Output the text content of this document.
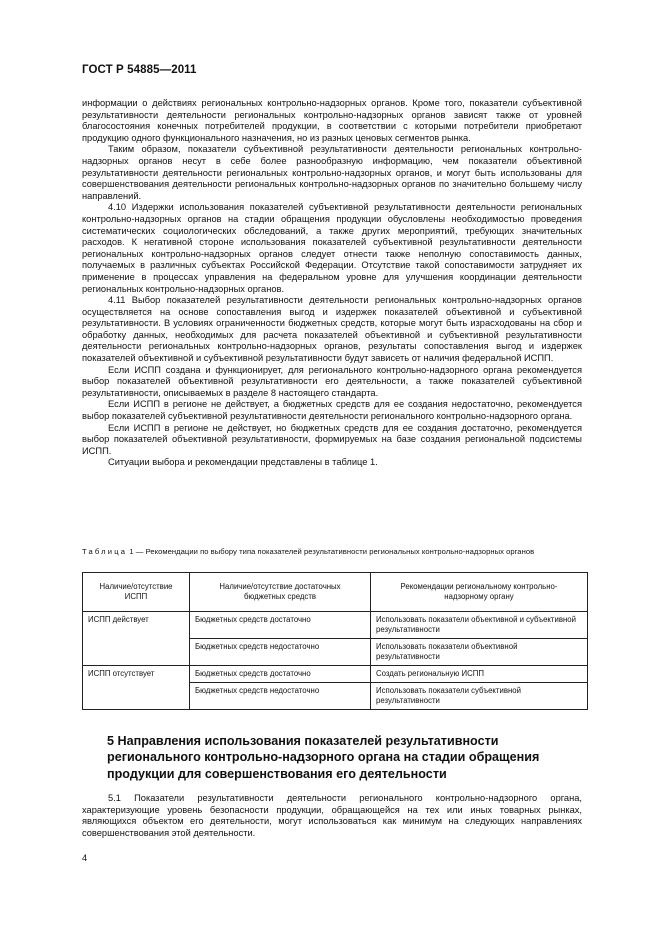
ГОСТ Р 54885—2011

информации о действиях региональных контрольно-надзорных органов. Кроме того, показатели субъективной результативности деятельности региональных контрольно-надзорных органов зависят также от уровней благосостояния конечных потребителей продукции, в соответствии с которыми потребители приобретают продукцию одного функционального назначения, но из разных ценовых сегментов рынка.

Таким образом, показатели субъективной результативности деятельности региональных контрольно-надзорных органов несут в себе более разнообразную информацию, чем показатели объективной результативности деятельности региональных контрольно-надзорных органов, и могут быть использованы для совершенствования деятельности региональных контрольно-надзорных органов по значительно большему числу направлений.

4.10 Издержки использования показателей субъективной результативности деятельности региональных контрольно-надзорных органов на стадии обращения продукции обусловлены необходимостью проведения систематических социологических обследований, а также других мероприятий, требующих значительных расходов. К негативной стороне использования показателей субъективной результативности деятельности региональных контрольно-надзорных органов следует отнести также неполную сопоставимость данных, получаемых в различных субъектах Российской Федерации. Отсутствие такой сопоставимости затрудняет их применение в процессах управления на федеральном уровне для улучшения координации деятельности региональных контрольно-надзорных органов.

4.11 Выбор показателей результативности деятельности региональных контрольно-надзорных органов осуществляется на основе сопоставления выгод и издержек показателей объективной и субъективной результативности. В условиях ограниченности бюджетных средств, которые могут быть израсходованы на сбор и обработку данных, необходимых для расчета показателей объективной и субъективной результативности деятельности региональных контрольно-надзорных органов, результаты сопоставления выгод и издержек показателей объективной и субъективной результативности будут зависеть от наличия федеральной ИСПП.

Если ИСПП создана и функционирует, для регионального контрольно-надзорного органа рекомендуется выбор показателей объективной результативности его деятельности, а также показателей субъективной результативности, описываемых в разделе 8 настоящего стандарта.

Если ИСПП в регионе не действует, а бюджетных средств для ее создания недостаточно, рекомендуется выбор показателей субъективной результативности деятельности регионального контрольно-надзорного органа.

Если ИСПП в регионе не действует, но бюджетных средств для ее создания достаточно, рекомендуется выбор показателей объективной результативности, формируемых на базе создания региональной подсистемы ИСПП.

Ситуации выбора и рекомендации представлены в таблице 1.

Таблица 1 — Рекомендации по выбору типа показателей результативности региональных контрольно-надзорных органов
Наличие/отсутствие ИСПП	Наличие/отсутствие достаточных бюджетных средств	Рекомендации региональному контрольно-надзорному органу
ИСПП действует	Бюджетных средств достаточно	Использовать показатели объективной и субъективной результативности
	Бюджетных средств недостаточно	Использовать показатели объективной результативности
ИСПП отсутствует	Бюджетных средств достаточно	Создать региональную ИСПП
	Бюджетных средств недостаточно	Использовать показатели субъективной результативности
5 Направления использования показателей результативности регионального контрольно-надзорного органа на стадии обращения продукции для совершенствования его деятельности

5.1 Показатели результативности деятельности регионального контрольно-надзорного органа, характеризующие уровень безопасности продукции, обращающейся на тех или иных товарных рынках, являющихся объектом его деятельности, могут использоваться как минимум на следующих направлениях совершенствования этой деятельности.

4
